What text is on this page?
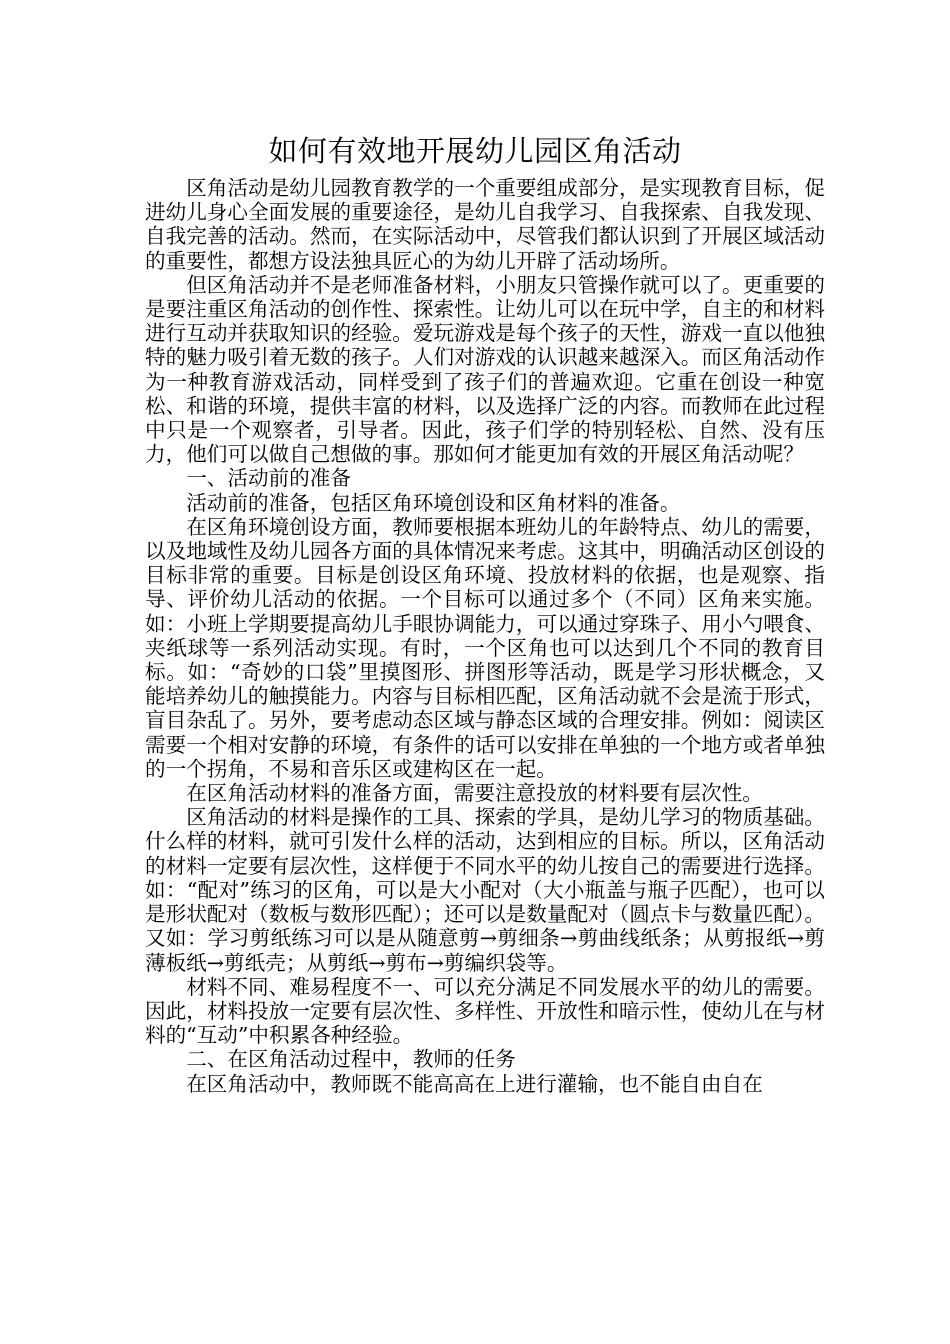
如何有效地开展幼儿园区角活动

区角活动是幼儿园教育教学的一个重要组成部分，是实现教育目标，促进幼儿身心全面发展的重要途径，是幼儿自我学习、自我探索、自我发现、自我完善的活动。然而，在实际活动中，尽管我们都认识到了开展区域活动的重要性，都想方设法独具匠心的为幼儿开辟了活动场所。

但区角活动并不是老师准备材料，小朋友只管操作就可以了。更重要的是要注重区角活动的创作性、探索性。让幼儿可以在玩中学，自主的和材料进行互动并获取知识的经验。爱玩游戏是每个孩子的天性，游戏一直以他独特的魅力吸引着无数的孩子。人们对游戏的认识越来越深入。而区角活动作为一种教育游戏活动，同样受到了孩子们的普遍欢迎。它重在创设一种宽松、和谐的环境，提供丰富的材料，以及选择广泛的内容。而教师在此过程中只是一个观察者，引导者。因此，孩子们学的特别轻松、自然、没有压力，他们可以做自己想做的事。那如何才能更加有效的开展区角活动呢？

一、活动前的准备

活动前的准备，包括区角环境创设和区角材料的准备。

在区角环境创设方面，教师要根据本班幼儿的年龄特点、幼儿的需要，以及地域性及幼儿园各方面的具体情况来考虑。这其中，明确活动区创设的目标非常的重要。目标是创设区角环境、投放材料的依据，也是观察、指导、评价幼儿活动的依据。一个目标可以通过多个（不同）区角来实施。如：小班上学期要提高幼儿手眼协调能力，可以通过穿珠子、用小勺喂食、夹纸球等一系列活动实现。有时，一个区角也可以达到几个不同的教育目标。如：“奇妙的口袋”里摸图形、拼图形等活动，既是学习形状概念，又能培养幼儿的触摸能力。内容与目标相匹配，区角活动就不会是流于形式，盲目杂乱了。另外，要考虑动态区域与静态区域的合理安排。例如：阅读区需要一个相对安静的环境，有条件的话可以安排在单独的一个地方或者单独的一个拐角，不易和音乐区或建构区在一起。

在区角活动材料的准备方面，需要注意投放的材料要有层次性。

区角活动的材料是操作的工具、探索的学具，是幼儿学习的物质基础。什么样的材料，就可引发什么样的活动，达到相应的目标。所以，区角活动的材料一定要有层次性，这样便于不同水平的幼儿按自己的需要进行选择。如：“配对”练习的区角，可以是大小配对（大小瓶盖与瓶子匹配），也可以是形状配对（数板与数形匹配）；还可以是数量配对（圆点卡与数量匹配）。又如：学习剪纸练习可以是从随意剪→剪细条→剪曲线纸条；从剪报纸→剪薄板纸→剪纸壳；从剪纸→剪布→剪编织袋等。

材料不同、难易程度不一、可以充分满足不同发展水平的幼儿的需要。因此，材料投放一定要有层次性、多样性、开放性和暗示性，使幼儿在与材料的“互动”中积累各种经验。

二、在区角活动过程中，教师的任务

在区角活动中，教师既不能高高在上进行灌输，也不能自由自在
